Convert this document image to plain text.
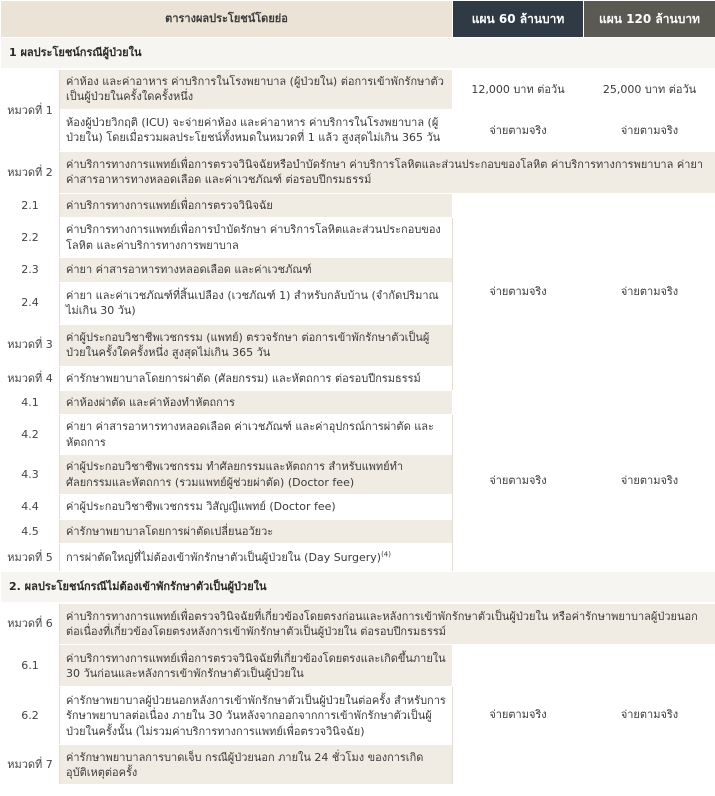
ตารางผลประโยชน์โดยย่อ		แผน 60 ล้านบาท	แผน 120 ล้านบาท
1 ผลประโยชน์กรณีผู้ป่วยใน			
หมวดที่ 1	ค่าห้อง และค่าอาหาร ค่าบริการในโรงพยาบาล (ผู้ป่วยใน) ต่อการเข้าพักรักษาตัวเป็นผู้ป่วยในครั้งใดครั้งหนึ่ง	12,000 บาท ต่อวัน	25,000 บาท ต่อวัน
	ห้องผู้ป่วยวิกฤติ (ICU) จะจ่ายค่าห้อง และค่าอาหาร ค่าบริการในโรงพยาบาล (ผู้ป่วยใน) โดยเมื่อรวมผลประโยชน์ทั้งหมดในหมวดที่ 1 แล้ว สูงสุดไม่เกิน 365 วัน	จ่ายตามจริง	จ่ายตามจริง
หมวดที่ 2	ค่าบริการทางการแพทย์เพื่อการตรวจวินิจฉัยหรือบำบัดรักษา ค่าบริการโลหิตและส่วนประกอบของโลหิต ค่าบริการทางการพยาบาล ค่ายา ค่าสารอาหารทางหลอดเลือด และค่าเวชภัณฑ์ ต่อรอบปีกรมธรรม์		
2.1	ค่าบริการทางการแพทย์เพื่อการตรวจวินิจฉัย	จ่ายตามจริง	จ่ายตามจริง
2.2	ค่าบริการทางการแพทย์เพื่อการบำบัดรักษา ค่าบริการโลหิตและส่วนประกอบของโลหิต และค่าบริการทางการพยาบาล		
2.3	ค่ายา ค่าสารอาหารทางหลอดเลือด และค่าเวชภัณฑ์		
2.4	ค่ายา และค่าเวชภัณฑ์ที่สิ้นเปลือง (เวชภัณฑ์ 1) สำหรับกลับบ้าน (จำกัดปริมาณไม่เกิน 30 วัน)		
หมวดที่ 3	ค่าผู้ประกอบวิชาชีพเวชกรรม (แพทย์) ตรวจรักษา ต่อการเข้าพักรักษาตัวเป็นผู้ป่วยในครั้งใดครั้งหนึ่ง สูงสุดไม่เกิน 365 วัน		
หมวดที่ 4	ค่ารักษาพยาบาลโดยการผ่าตัด (ศัลยกรรม) และหัตถการ ต่อรอบปีกรมธรรม์		
4.1	ค่าห้องผ่าตัด และค่าห้องทำหัตถการ	จ่ายตามจริง	จ่ายตามจริง
4.2	ค่ายา ค่าสารอาหารทางหลอดเลือด ค่าเวชภัณฑ์ และค่าอุปกรณ์การผ่าตัด และหัตถการ		
4.3	ค่าผู้ประกอบวิชาชีพเวชกรรม ทำศัลยกรรมและหัตถการ สำหรับแพทย์ทำศัลยกรรมและหัตถการ (รวมแพทย์ผู้ช่วยผ่าตัด) (Doctor fee)		
4.4	ค่าผู้ประกอบวิชาชีพเวชกรรม วิสัญญีแพทย์ (Doctor fee)		
4.5	ค่ารักษาพยาบาลโดยการผ่าตัดเปลี่ยนอวัยวะ		
หมวดที่ 5	การผ่าตัดใหญ่ที่ไม่ต้องเข้าพักรักษาตัวเป็นผู้ป่วยใน (Day Surgery)$^{(4)}$
2. ผลประโยชน์กรณีไม่ต้องเข้าพักรักษาตัวเป็นผู้ป่วยใน			
หมวดที่ 6	ค่าบริการทางการแพทย์เพื่อตรวจวินิจฉัยที่เกี่ยวข้องโดยตรงก่อนและหลังการเข้าพักรักษาตัวเป็นผู้ป่วยใน หรือค่ารักษาพยาบาลผู้ป่วยนอกต่อเนื่องที่เกี่ยวข้องโดยตรงหลังการเข้าพักรักษาตัวเป็นผู้ป่วยใน ต่อรอบปีกรมธรรม์		
6.1	ค่าบริการทางการแพทย์เพื่อการตรวจวินิจฉัยที่เกี่ยวข้องโดยตรงและเกิดขึ้นภายใน 30 วันก่อนและหลังการเข้าพักรักษาตัวเป็นผู้ป่วยใน	จ่ายตามจริง	จ่ายตามจริง
6.2	ค่ารักษาพยาบาลผู้ป่วยนอกหลังการเข้าพักรักษาตัวเป็นผู้ป่วยในต่อครั้ง สำหรับการรักษาพยาบาลต่อเนื่อง ภายใน 30 วันหลังจากออกจากการเข้าพักรักษาตัวเป็นผู้ป่วยในครั้งนั้น (ไม่รวมค่าบริการทางการแพทย์เพื่อตรวจวินิจฉัย)		
หมวดที่ 7	ค่ารักษาพยาบาลการบาดเจ็บ กรณีผู้ป่วยนอก ภายใน 24 ชั่วโมง ของการเกิดอุบัติเหตุต่อครั้ง		
